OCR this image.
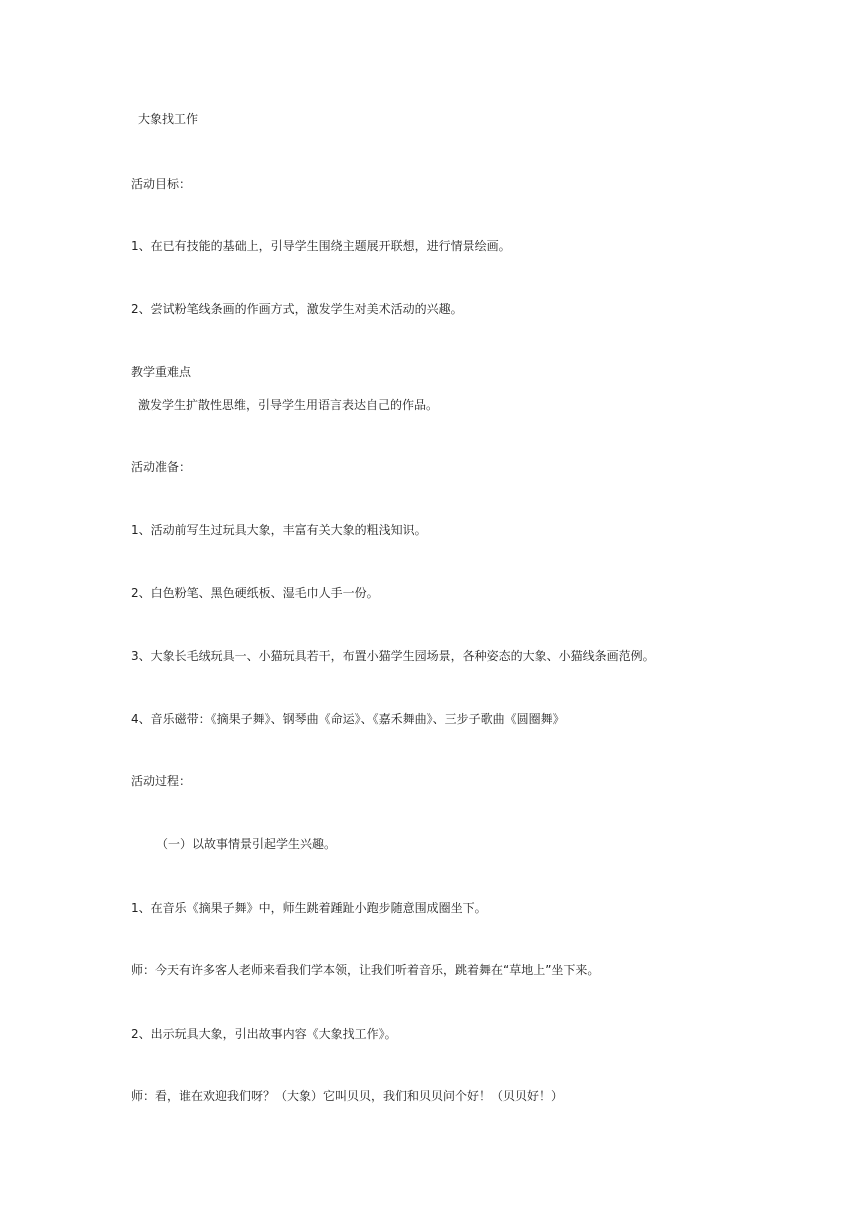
大象找工作
活动目标：
1、在已有技能的基础上，引导学生围绕主题展开联想，进行情景绘画。
2、尝试粉笔线条画的作画方式，激发学生对美术活动的兴趣。
教学重难点
激发学生扩散性思维，引导学生用语言表达自己的作品。
活动准备：
1、活动前写生过玩具大象，丰富有关大象的粗浅知识。
2、白色粉笔、黑色硬纸板、湿毛巾人手一份。
3、大象长毛绒玩具一、小猫玩具若干，布置小猫学生园场景，各种姿态的大象、小猫线条画范例。
4、音乐磁带：《摘果子舞》、钢琴曲《命运》、《嘉禾舞曲》、三步子歌曲《圆圈舞》
活动过程：
（一）以故事情景引起学生兴趣。
1、在音乐《摘果子舞》中，师生跳着踵趾小跑步随意围成圈坐下。
师：今天有许多客人老师来看我们学本领，让我们听着音乐，跳着舞在“草地上”坐下来。
2、出示玩具大象，引出故事内容《大象找工作》。
师：看，谁在欢迎我们呀？（大象）它叫贝贝，我们和贝贝问个好！（贝贝好！）
